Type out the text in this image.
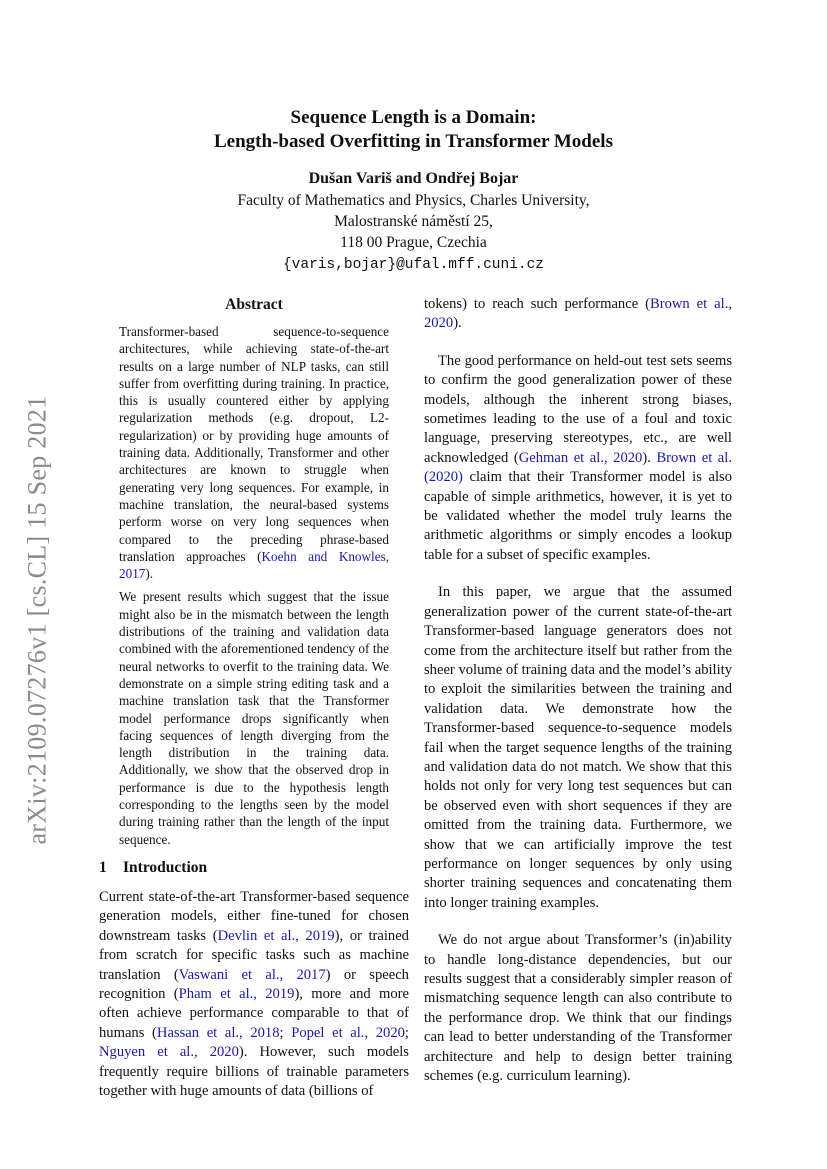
arXiv:2109.07276v1 [cs.CL] 15 Sep 2021
Sequence Length is a Domain:
Length-based Overfitting in Transformer Models
Dušan Variš and Ondřej Bojar
Faculty of Mathematics and Physics, Charles University,
Malostranské náměstí 25,
118 00 Prague, Czechia
{varis,bojar}@ufal.mff.cuni.cz
Abstract

Transformer-based sequence-to-sequence architectures, while achieving state-of-the-art results on a large number of NLP tasks, can still suffer from overfitting during training. In practice, this is usually countered either by applying regularization methods (e.g. dropout, L2-regularization) or by providing huge amounts of training data. Additionally, Transformer and other architectures are known to struggle when generating very long sequences. For example, in machine translation, the neural-based systems perform worse on very long sequences when compared to the preceding phrase-based translation approaches (Koehn and Knowles, 2017).

We present results which suggest that the issue might also be in the mismatch between the length distributions of the training and validation data combined with the aforementioned tendency of the neural networks to overfit to the training data. We demonstrate on a simple string editing task and a machine translation task that the Transformer model performance drops significantly when facing sequences of length diverging from the length distribution in the training data. Additionally, we show that the observed drop in performance is due to the hypothesis length corresponding to the lengths seen by the model during training rather than the length of the input sequence.

1 Introduction

Current state-of-the-art Transformer-based sequence generation models, either fine-tuned for chosen downstream tasks (Devlin et al., 2019), or trained from scratch for specific tasks such as machine translation (Vaswani et al., 2017) or speech recognition (Pham et al., 2019), more and more often achieve performance comparable to that of humans (Hassan et al., 2018; Popel et al., 2020; Nguyen et al., 2020). However, such models frequently require billions of trainable parameters together with huge amounts of data (billions of

tokens) to reach such performance (Brown et al., 2020).

The good performance on held-out test sets seems to confirm the good generalization power of these models, although the inherent strong biases, sometimes leading to the use of a foul and toxic language, preserving stereotypes, etc., are well acknowledged (Gehman et al., 2020). Brown et al. (2020) claim that their Transformer model is also capable of simple arithmetics, however, it is yet to be validated whether the model truly learns the arithmetic algorithms or simply encodes a lookup table for a subset of specific examples.

In this paper, we argue that the assumed generalization power of the current state-of-the-art Transformer-based language generators does not come from the architecture itself but rather from the sheer volume of training data and the model’s ability to exploit the similarities between the training and validation data. We demonstrate how the Transformer-based sequence-to-sequence models fail when the target sequence lengths of the training and validation data do not match. We show that this holds not only for very long test sequences but can be observed even with short sequences if they are omitted from the training data. Furthermore, we show that we can artificially improve the test performance on longer sequences by only using shorter training sequences and concatenating them into longer training examples.

We do not argue about Transformer’s (in)ability to handle long-distance dependencies, but our results suggest that a considerably simpler reason of mismatching sequence length can also contribute to the performance drop. We think that our findings can lead to better understanding of the Transformer architecture and help to design better training schemes (e.g. curriculum learning).
